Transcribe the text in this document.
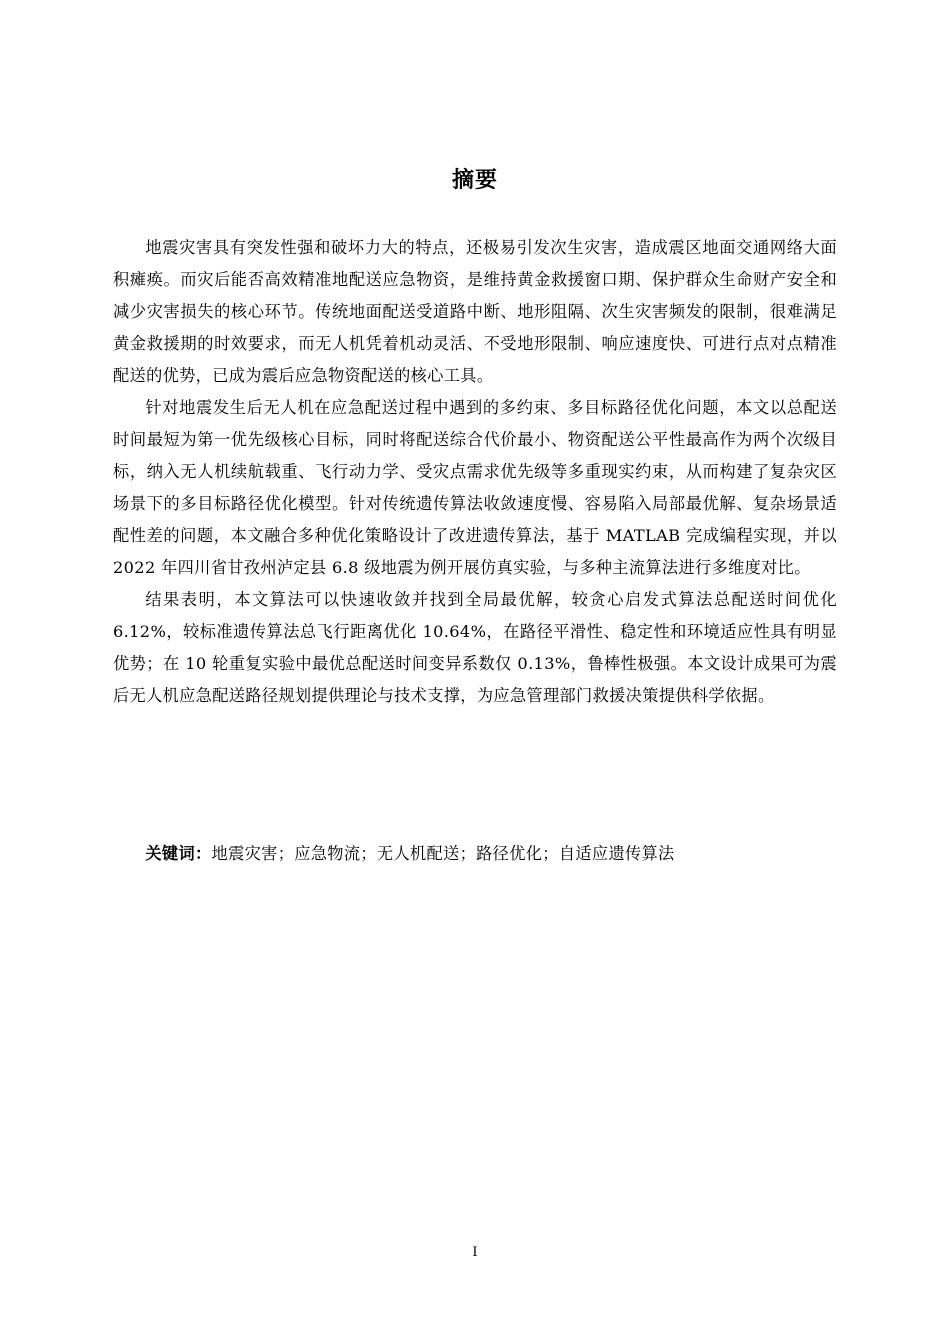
摘要

地震灾害具有突发性强和破坏力大的特点，还极易引发次生灾害，造成震区地面交通网络大面积瘫痪。而灾后能否高效精准地配送应急物资，是维持黄金救援窗口期、保护群众生命财产安全和减少灾害损失的核心环节。传统地面配送受道路中断、地形阻隔、次生灾害频发的限制，很难满足黄金救援期的时效要求，而无人机凭着机动灵活、不受地形限制、响应速度快、可进行点对点精准配送的优势，已成为震后应急物资配送的核心工具。

针对地震发生后无人机在应急配送过程中遇到的多约束、多目标路径优化问题，本文以总配送时间最短为第一优先级核心目标，同时将配送综合代价最小、物资配送公平性最高作为两个次级目标，纳入无人机续航载重、飞行动力学、受灾点需求优先级等多重现实约束，从而构建了复杂灾区场景下的多目标路径优化模型。针对传统遗传算法收敛速度慢、容易陷入局部最优解、复杂场景适配性差的问题，本文融合多种优化策略设计了改进遗传算法，基于 MATLAB 完成编程实现，并以 2022 年四川省甘孜州泸定县 6.8 级地震为例开展仿真实验，与多种主流算法进行多维度对比。

结果表明，本文算法可以快速收敛并找到全局最优解，较贪心启发式算法总配送时间优化 6.12%，较标准遗传算法总飞行距离优化 10.64%，在路径平滑性、稳定性和环境适应性具有明显优势；在 10 轮重复实验中最优总配送时间变异系数仅 0.13%，鲁棒性极强。本文设计成果可为震后无人机应急配送路径规划提供理论与技术支撑，为应急管理部门救援决策提供科学依据。

关键词：地震灾害；应急物流；无人机配送；路径优化；自适应遗传算法

I
